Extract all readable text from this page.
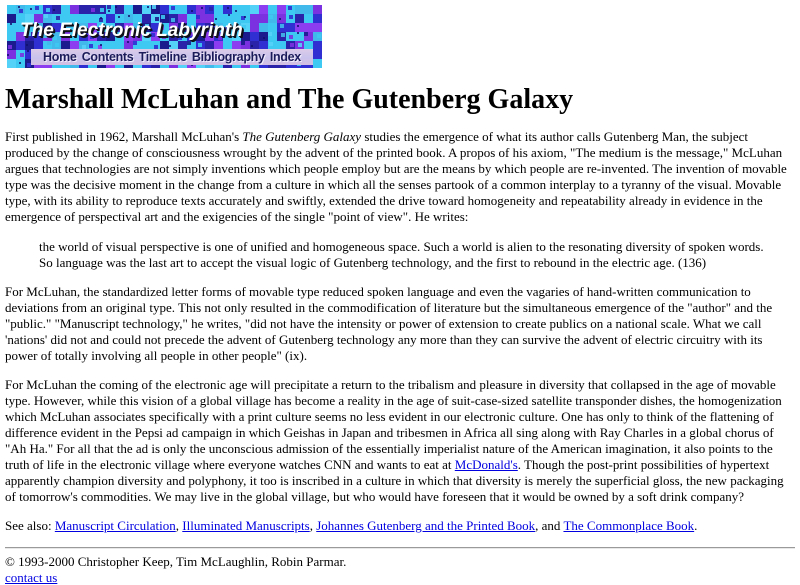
The Electronic Labyrinth
Home Contents Timeline Bibliography Index
Marshall McLuhan and The Gutenberg Galaxy

First published in 1962, Marshall McLuhan's The Gutenberg Galaxy studies the emergence of what its author calls Gutenberg Man, the subject produced by the change of consciousness wrought by the advent of the printed book. A propos of his axiom, "The medium is the message," McLuhan argues that technologies are not simply inventions which people employ but are the means by which people are re-invented. The invention of movable type was the decisive moment in the change from a culture in which all the senses partook of a common interplay to a tyranny of the visual. Movable type, with its ability to reproduce texts accurately and swiftly, extended the drive toward homogeneity and repeatability already in evidence in the emergence of perspectival art and the exigencies of the single "point of view". He writes:

the world of visual perspective is one of unified and homogeneous space. Such a world is alien to the resonating diversity of spoken words. So language was the last art to accept the visual logic of Gutenberg technology, and the first to rebound in the electric age. (136)

For McLuhan, the standardized letter forms of movable type reduced spoken language and even the vagaries of hand-written communication to deviations from an original type. This not only resulted in the commodification of literature but the simultaneous emergence of the "author" and the "public." "Manuscript technology," he writes, "did not have the intensity or power of extension to create publics on a national scale. What we call 'nations' did not and could not precede the advent of Gutenberg technology any more than they can survive the advent of electric circuitry with its power of totally involving all people in other people" (ix).

For McLuhan the coming of the electronic age will precipitate a return to the tribalism and pleasure in diversity that collapsed in the age of movable type. However, while this vision of a global village has become a reality in the age of suit-case-sized satellite transponder dishes, the homogenization which McLuhan associates specifically with a print culture seems no less evident in our electronic culture. One has only to think of the flattening of difference evident in the Pepsi ad campaign in which Geishas in Japan and tribesmen in Africa all sing along with Ray Charles in a global chorus of "Ah Ha." For all that the ad is only the unconscious admission of the essentially imperialist nature of the American imagination, it also points to the truth of life in the electronic village where everyone watches CNN and wants to eat at McDonald's. Though the post-print possibilities of hypertext apparently champion diversity and polyphony, it too is inscribed in a culture in which that diversity is merely the superficial gloss, the new packaging of tomorrow's commodities. We may live in the global village, but who would have foreseen that it would be owned by a soft drink company?

See also: Manuscript Circulation, Illuminated Manuscripts, Johannes Gutenberg and the Printed Book, and The Commonplace Book.

© 1993-2000 Christopher Keep, Tim McLaughlin, Robin Parmar.

contact us
